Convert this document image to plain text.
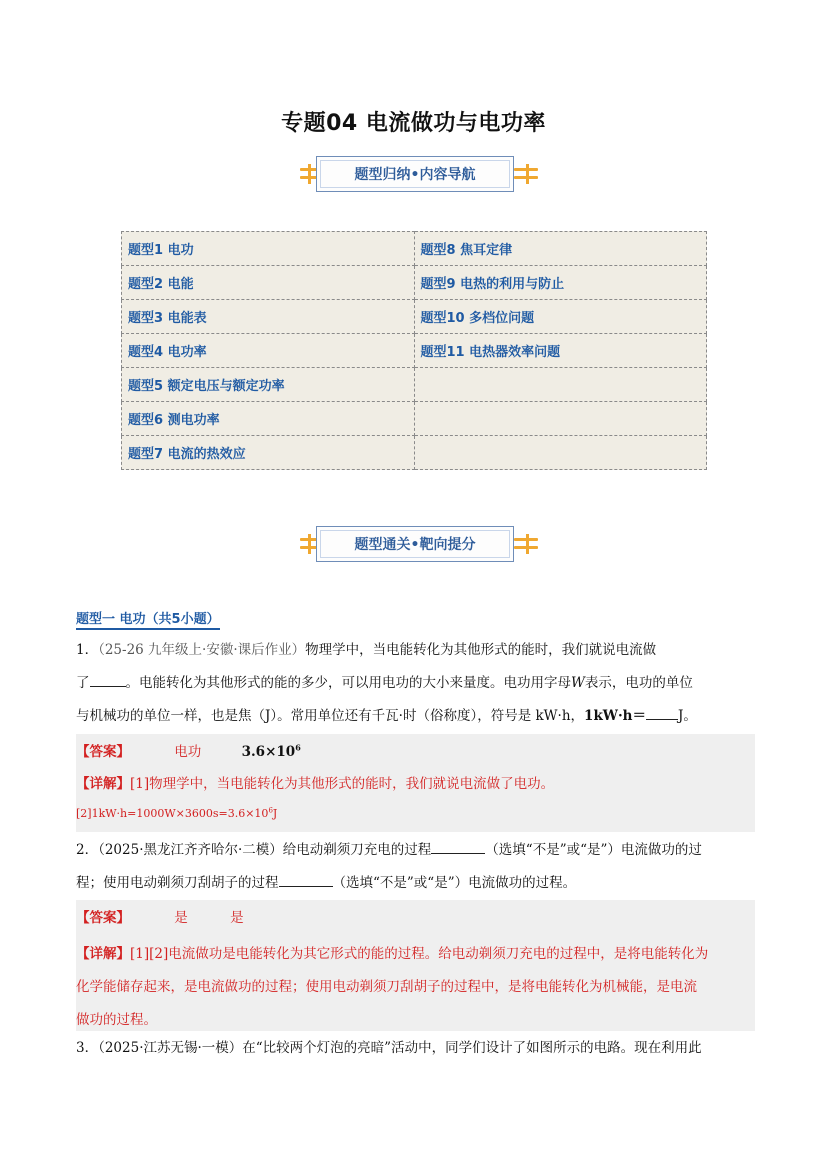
专题04 电流做功与电功率
题型归纳•内容导航
题型1 电功	题型8 焦耳定律
题型2 电能	题型9 电热的利用与防止
题型3 电能表	题型10 多档位问题
题型4 电功率	题型11 电热器效率问题
题型5 额定电压与额定功率	
题型6 测电功率	
题型7 电流的热效应	
题型通关•靶向提分
题型一 电功（共5小题）
1．（25-26 九年级上·安徽·课后作业）物理学中，当电能转化为其他形式的能时，我们就说电流做
了	。电能转化为其他形式的能的多少，可以用电功的大小来量度。电功用字母W表示，电功的单位
与机械功的单位一样，也是焦（J）。常用单位还有千瓦·时（俗称度），符号是 kW·h，1kW·h＝ J。
【答案】	电功	$3.6\times 10^6$
【详解】[1]物理学中，当电能转化为其他形式的能时，我们就说电流做了电功。
$[2]1kW\cdot h=1000W\times 3600s=3.6\times 10^6J$
2．（2025·黑龙江齐齐哈尔·二模）给电动剃须刀充电的过程	（选填“不是”或“是”）电流做功的过
程；使用电动剃须刀刮胡子的过程	（选填“不是”或“是”）电流做功的过程。
【答案】	是	是
【详解】[1][2]电流做功是电能转化为其它形式的能的过程。给电动剃须刀充电的过程中，是将电能转化为
化学能储存起来，是电流做功的过程；使用电动剃须刀刮胡子的过程中，是将电能转化为机械能，是电流
做功的过程。
3．（2025·江苏无锡·一模）在“比较两个灯泡的亮暗”活动中，同学们设计了如图所示的电路。现在利用此
